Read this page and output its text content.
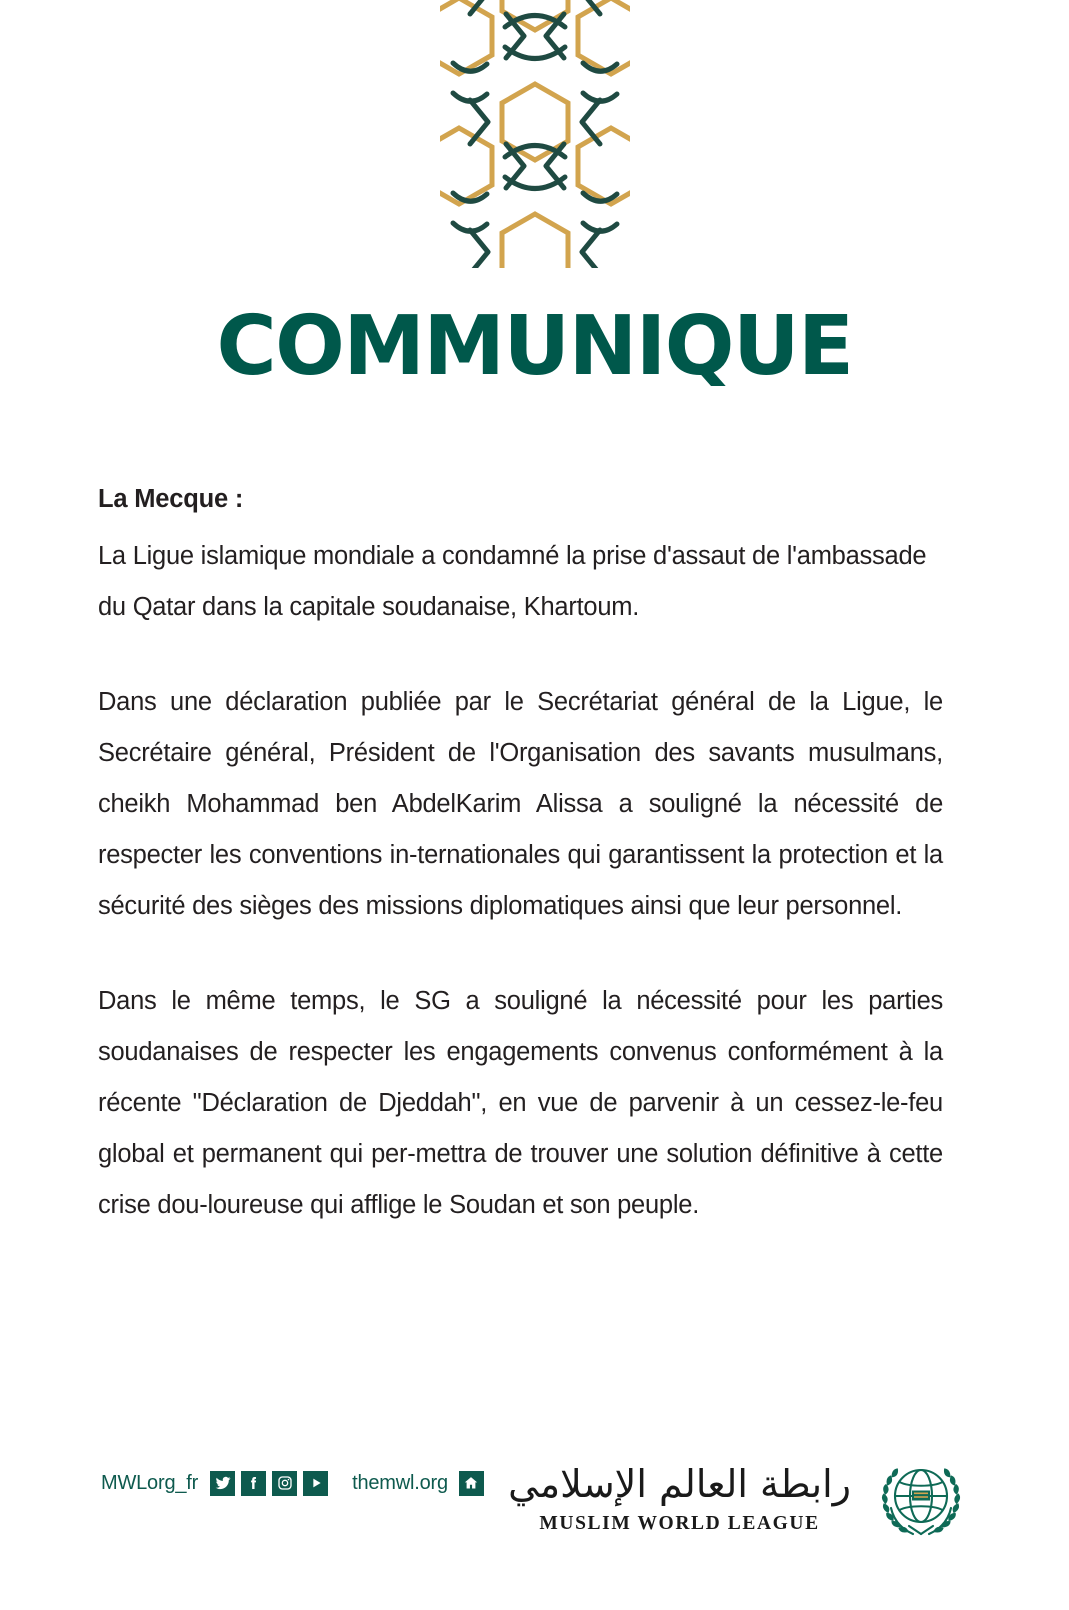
COMMUNIQUE
La Mecque :

La Ligue islamique mondiale a condamné la prise d'assaut de l'ambassade du Qatar dans la capitale soudanaise, Khartoum.

Dans une déclaration publiée par le Secrétariat général de la Ligue, le Secrétaire général, Président de l'Organisation des savants musulmans, cheikh Mohammad ben AbdelKarim Alissa a souligné la nécessité de respecter les conventions in-ternationales qui garantissent la protection et la sécurité des sièges des missions diplomatiques ainsi que leur personnel.

Dans le même temps, le SG a souligné la nécessité pour les parties soudanaises de respecter les engagements convenus conformément à la récente "Déclaration de Djeddah", en vue de parvenir à un cessez-le-feu global et permanent qui per-mettra de trouver une solution définitive à cette crise dou-loureuse qui afflige le Soudan et son peuple.

MWLorg_fr	themwl.org رابطة العالم الإسلامي
MUSLIM WORLD LEAGUE
